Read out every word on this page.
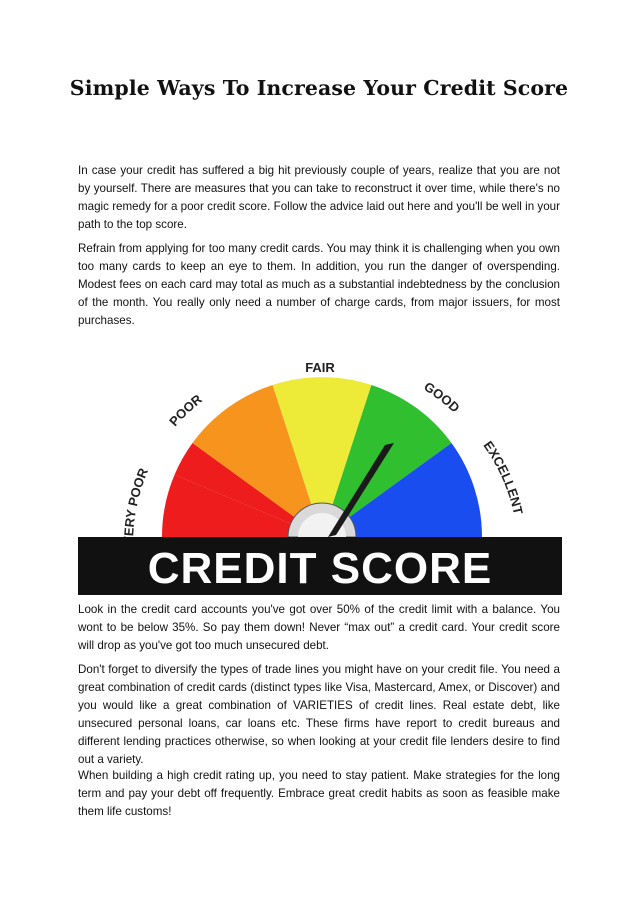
Simple Ways To Increase Your Credit Score

In case your credit has suffered a big hit previously couple of years, realize that you are not by yourself. There are measures that you can take to reconstruct it over time, while there's no magic remedy for a poor credit score. Follow the advice laid out here and you'll be well in your path to the top score.

Refrain from applying for too many credit cards. You may think it is challenging when you own too many cards to keep an eye to them. In addition, you run the danger of overspending. Modest fees on each card may total as much as a substantial indebtedness by the conclusion of the month. You really only need a number of charge cards, from major issuers, for most purchases.

ERY POOR
POOR
FAIR
GOOD
EXCELLENT
CREDIT SCORE

Look in the credit card accounts you've got over 50% of the credit limit with a balance. You wont to be below 35%. So pay them down! Never “max out” a credit card. Your credit score will drop as you've got too much unsecured debt.

Don't forget to diversify the types of trade lines you might have on your credit file. You need a great combination of credit cards (distinct types like Visa, Mastercard, Amex, or Discover) and you would like a great combination of VARIETIES of credit lines. Real estate debt, like unsecured personal loans, car loans etc. These firms have report to credit bureaus and different lending practices otherwise, so when looking at your credit file lenders desire to find out a variety.

When building a high credit rating up, you need to stay patient. Make strategies for the long term and pay your debt off frequently. Embrace great credit habits as soon as feasible make them life customs!
